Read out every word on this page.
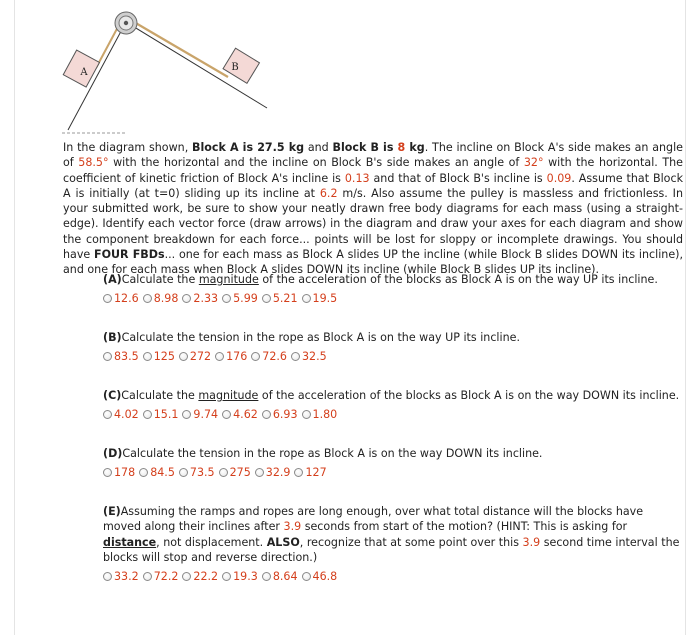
A	B
In the diagram shown, Block A is 27.5 kg and Block B is 8 kg. The incline on Block A's side makes an angle of 58.5° with the horizontal and the incline on Block B's side makes an angle of 32° with the horizontal. The coefficient of kinetic friction of Block A's incline is 0.13 and that of Block B's incline is 0.09. Assume that Block A is initially (at t=0) sliding up its incline at 6.2 m/s. Also assume the pulley is massless and frictionless. In your submitted work, be sure to show your neatly drawn free body diagrams for each mass (using a straight-edge). Identify each vector force (draw arrows) in the diagram and draw your axes for each diagram and show the component breakdown for each force... points will be lost for sloppy or incomplete drawings. You should have FOUR FBDs... one for each mass as Block A slides UP the incline (while Block B slides DOWN its incline), and one for each mass when Block A slides DOWN its incline (while Block B slides UP its incline).

(A)Calculate the magnitude of the acceleration of the blocks as Block A is on the way UP its incline.

12.6 8.98 2.33 5.99 5.21 19.5

(B)Calculate the tension in the rope as Block A is on the way UP its incline.

83.5 125 272 176 72.6 32.5

(C)Calculate the magnitude of the acceleration of the blocks as Block A is on the way DOWN its incline.

4.02 15.1 9.74 4.62 6.93 1.80

(D)Calculate the tension in the rope as Block A is on the way DOWN its incline.

178 84.5 73.5 275 32.9 127

(E)Assuming the ramps and ropes are long enough, over what total distance will the blocks have moved along their inclines after 3.9 seconds from start of the motion? (HINT: This is asking for distance, not displacement. ALSO, recognize that at some point over this 3.9 second time interval the blocks will stop and reverse direction.)

33.2 72.2 22.2 19.3 8.64 46.8
